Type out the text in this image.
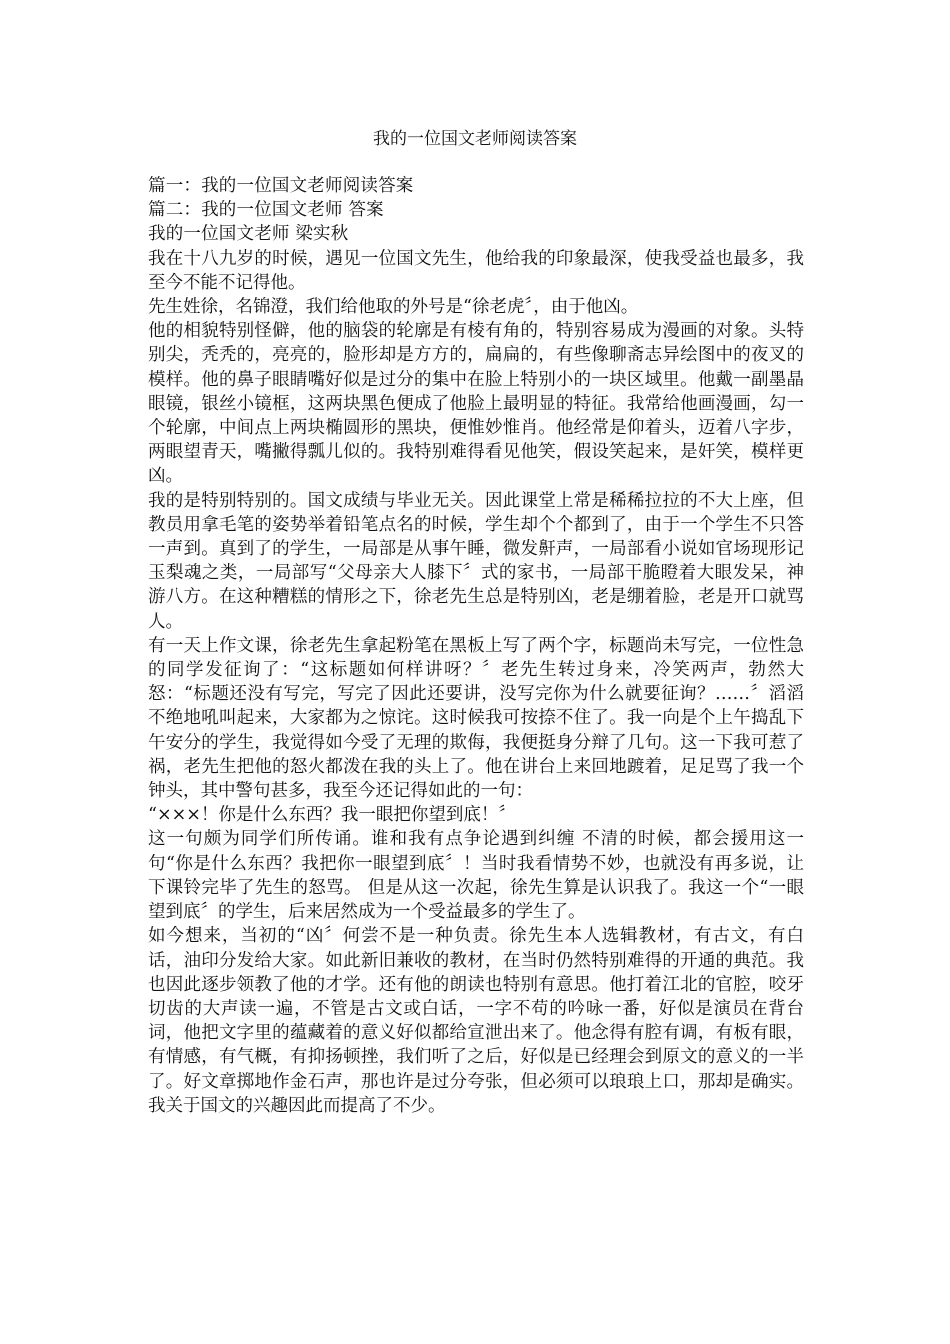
我的一位国文老师阅读答案

篇一：我的一位国文老师阅读答案

篇二：我的一位国文老师 答案

我的一位国文老师 梁实秋

我在十八九岁的时候，遇见一位国文先生，他给我的印象最深，使我受益也最多，我至今不能不记得他。

先生姓徐，名锦澄，我们给他取的外号是“徐老虎〞，由于他凶。

他的相貌特别怪僻，他的脑袋的轮廓是有棱有角的，特别容易成为漫画的对象。头特别尖，秃秃的，亮亮的，脸形却是方方的，扁扁的，有些像聊斋志异绘图中的夜叉的模样。他的鼻子眼睛嘴好似是过分的集中在脸上特别小的一块区域里。他戴一副墨晶眼镜，银丝小镜框，这两块黑色便成了他脸上最明显的特征。我常给他画漫画，勾一个轮廓，中间点上两块椭圆形的黑块，便惟妙惟肖。他经常是仰着头，迈着八字步，两眼望青天，嘴撇得瓢儿似的。我特别难得看见他笑，假设笑起来，是奸笑，模样更凶。

我的是特别特别的。国文成绩与毕业无关。因此课堂上常是稀稀拉拉的不大上座，但教员用拿毛笔的姿势举着铅笔点名的时候，学生却个个都到了，由于一个学生不只答一声到。真到了的学生，一局部是从事午睡，微发鼾声，一局部看小说如官场现形记玉梨魂之类，一局部写“父母亲大人膝下〞式的家书，一局部干脆瞪着大眼发呆，神游八方。在这种糟糕的情形之下，徐老先生总是特别凶，老是绷着脸，老是开口就骂人。

有一天上作文课，徐老先生拿起粉笔在黑板上写了两个字，标题尚未写完，一位性急的同学发征询了：“这标题如何样讲呀？〞老先生转过身来，冷笑两声，勃然大怒：“标题还没有写完，写完了因此还要讲，没写完你为什么就要征询？……〞滔滔不绝地吼叫起来，大家都为之惊诧。这时候我可按捺不住了。我一向是个上午捣乱下午安分的学生，我觉得如今受了无理的欺侮，我便挺身分辩了几句。这一下我可惹了祸，老先生把他的怒火都泼在我的头上了。他在讲台上来回地踱着，足足骂了我一个钟头，其中警句甚多，我至今还记得如此的一句：

“×××！你是什么东西？我一眼把你望到底！〞

这一句颇为同学们所传诵。谁和我有点争论遇到纠缠 不清的时候，都会援用这一句“你是什么东西？我把你一眼望到底〞！当时我看情势不妙，也就没有再多说，让下课铃完毕了先生的怒骂。 但是从这一次起，徐先生算是认识我了。我这一个“一眼望到底〞的学生，后来居然成为一个受益最多的学生了。

如今想来，当初的“凶〞何尝不是一种负责。徐先生本人选辑教材，有古文，有白话，油印分发给大家。如此新旧兼收的教材，在当时仍然特别难得的开通的典范。我也因此逐步领教了他的才学。还有他的朗读也特别有意思。他打着江北的官腔，咬牙切齿的大声读一遍，不管是古文或白话，一字不苟的吟咏一番，好似是演员在背台词，他把文字里的蕴藏着的意义好似都给宣泄出来了。他念得有腔有调，有板有眼，有情感，有气概，有抑扬顿挫，我们听了之后，好似是已经理会到原文的意义的一半了。好文章掷地作金石声，那也许是过分夸张，但必须可以琅琅上口，那却是确实。我关于国文的兴趣因此而提高了不少。
